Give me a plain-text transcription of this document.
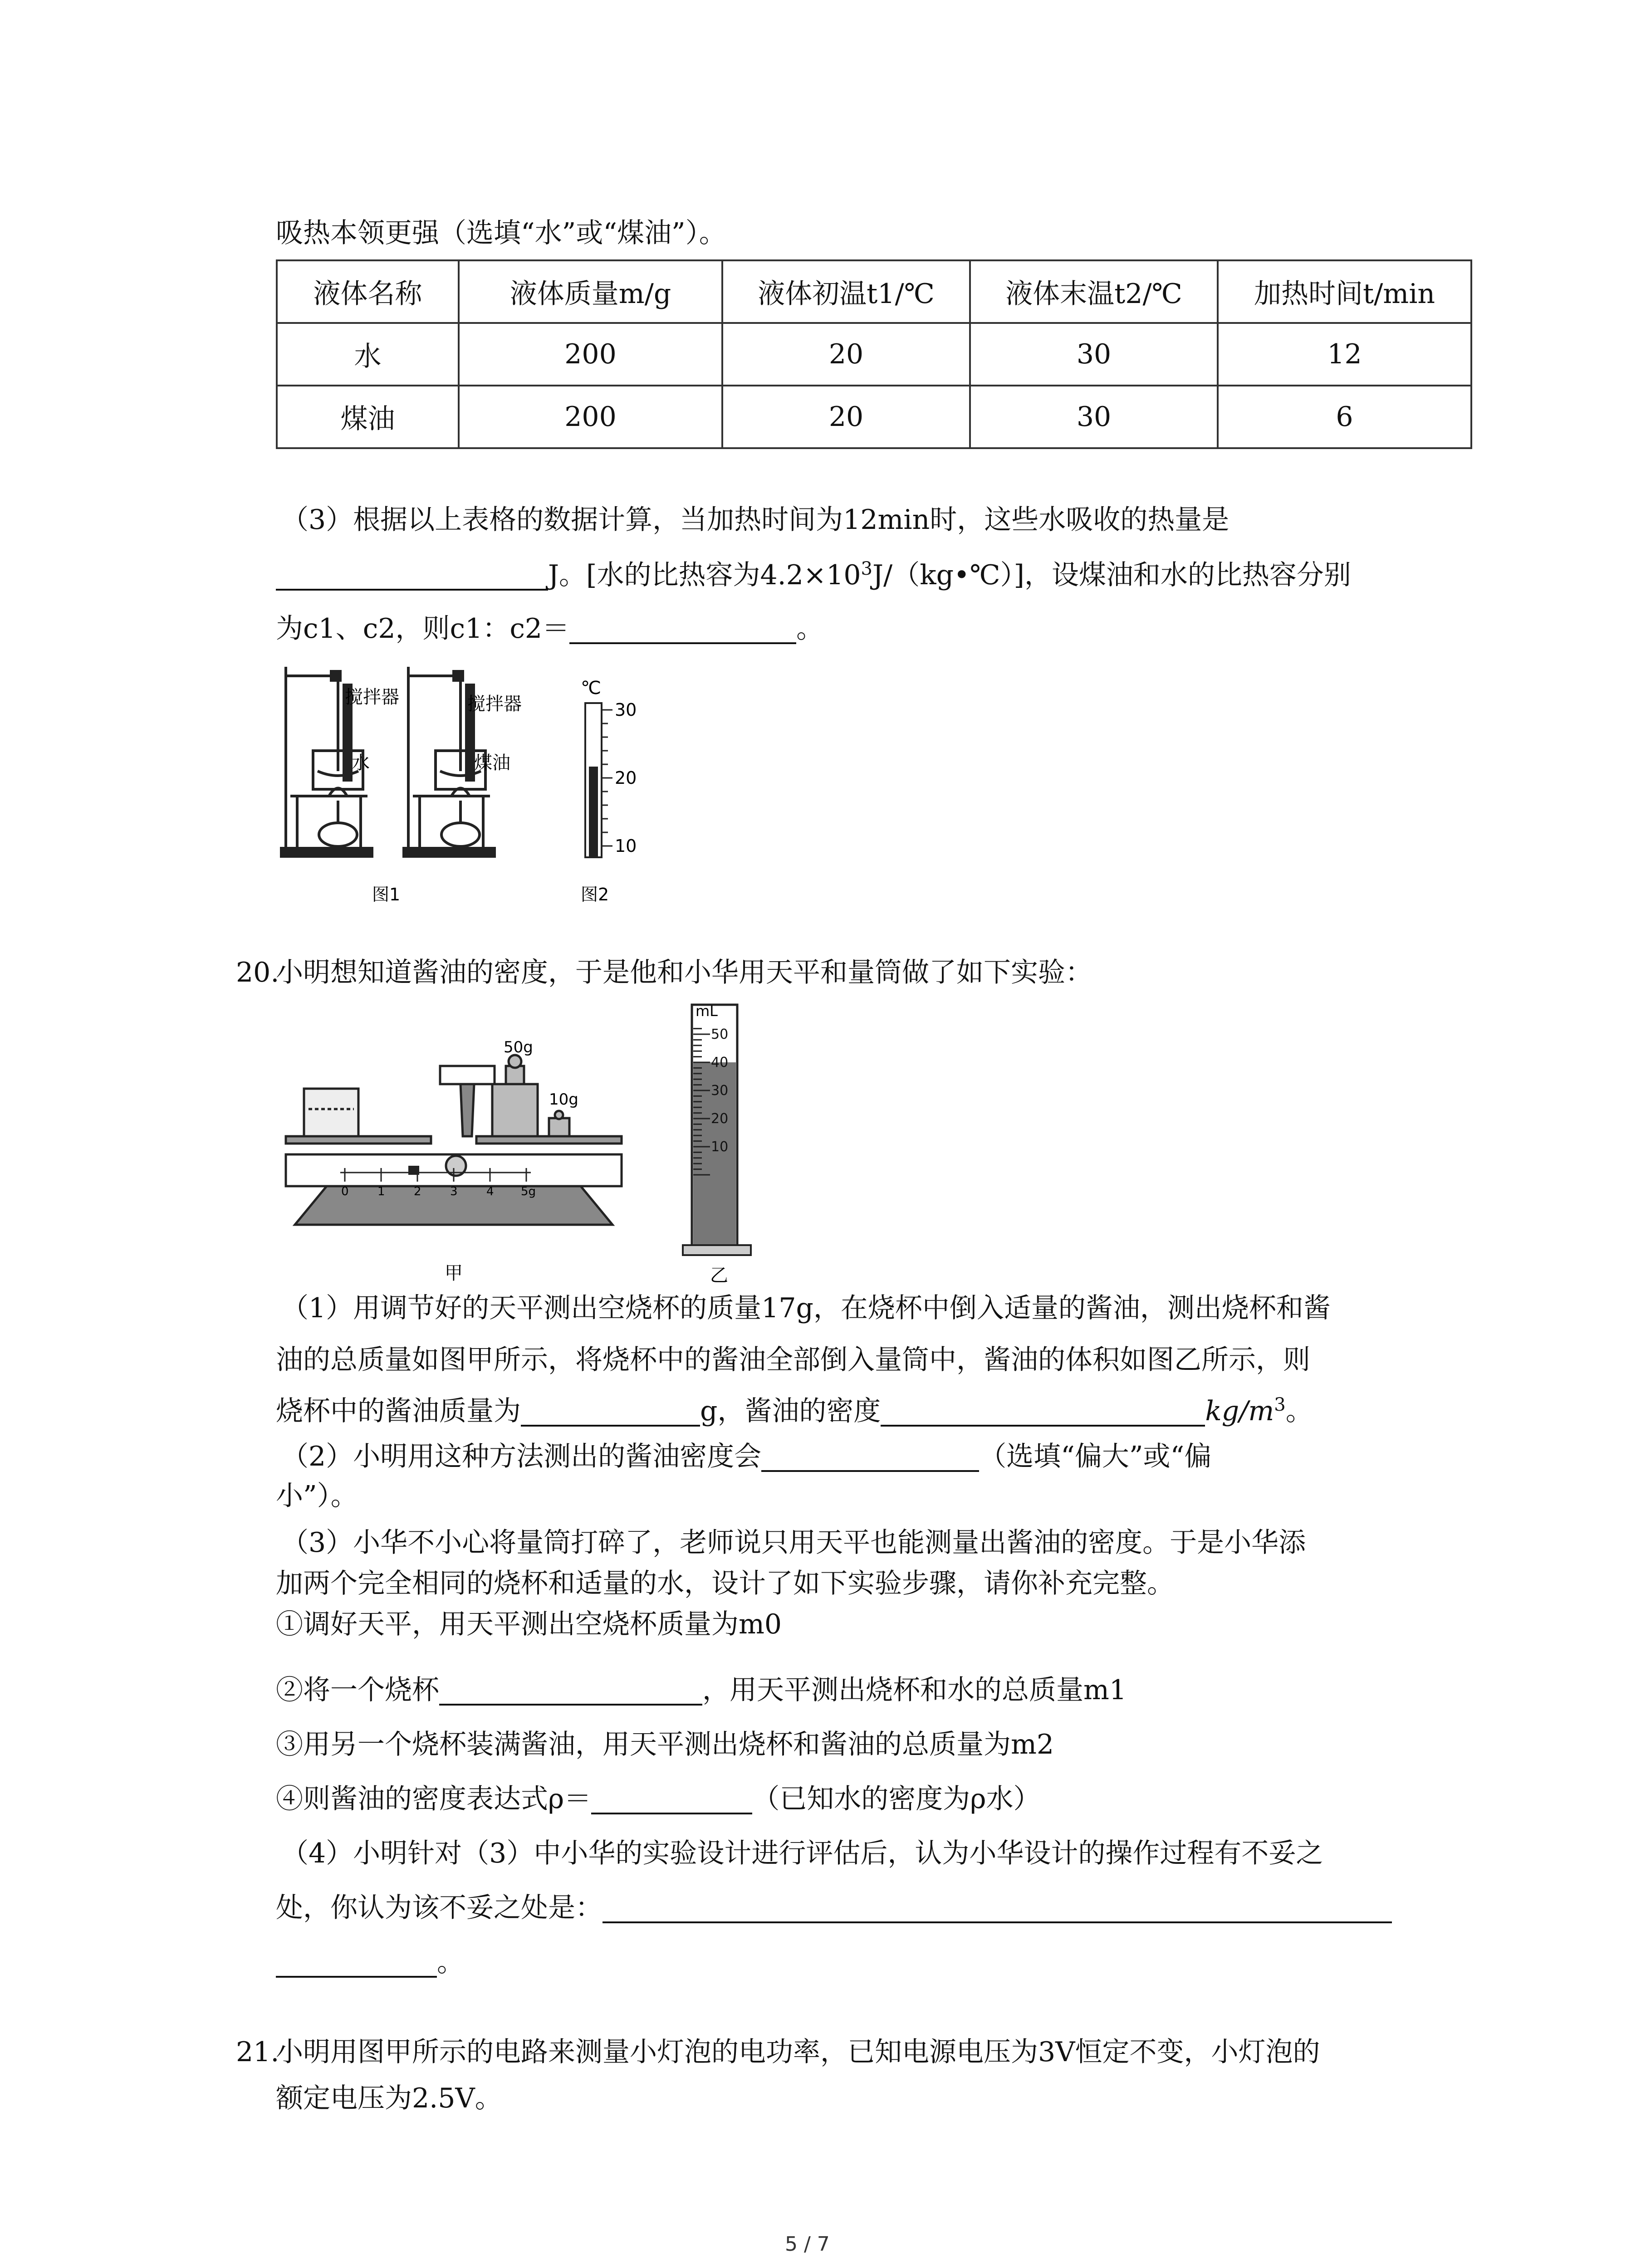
吸热本领更强（选填“水”或“煤油”）。
液体名称	液体质量m/g	液体初温t1/℃	液体末温t2/℃	加热时间t/min
水	200	20	30	12
煤油	200	20	30	6
（3）根据以上表格的数据计算，当加热时间为12min时，这些水吸收的热量是
J。[水的比热容为$4.2\times 10^3J/(kg•℃)$]，设煤油和水的比热容分别
为c1、c2，则c1：c2＝	。
搅拌器
水
搅拌器
煤油
图1
℃
30
20
10
图2
20.
小明想知道酱油的密度，于是他和小华用天平和量筒做了如下实验：
0 1 2 3 4 5g
50g
10g
甲
mL
50
40
30
20
10
乙
（1）用调节好的天平测出空烧杯的质量17g，在烧杯中倒入适量的酱油，测出烧杯和酱
油的总质量如图甲所示，将烧杯中的酱油全部倒入量筒中，酱油的体积如图乙所示，则
烧杯中的酱油质量为	g，酱油的密度	$kg/m^3$。
（2）小明用这种方法测出的酱油密度会	（选填“偏大”或“偏
小”）。
（3）小华不小心将量筒打碎了，老师说只用天平也能测量出酱油的密度。于是小华添
加两个完全相同的烧杯和适量的水，设计了如下实验步骤，请你补充完整。
①调好天平，用天平测出空烧杯质量为m0
②将一个烧杯	，用天平测出烧杯和水的总质量m1
③用另一个烧杯装满酱油，用天平测出烧杯和酱油的总质量为m2
④则酱油的密度表达式ρ＝	（已知水的密度为ρ水）
（4）小明针对（3）中小华的实验设计进行评估后，认为小华设计的操作过程有不妥之
处，你认为该不妥之处是：
。
21.
小明用图甲所示的电路来测量小灯泡的电功率，已知电源电压为3V恒定不变，小灯泡的
额定电压为2.5V。
5 / 7
